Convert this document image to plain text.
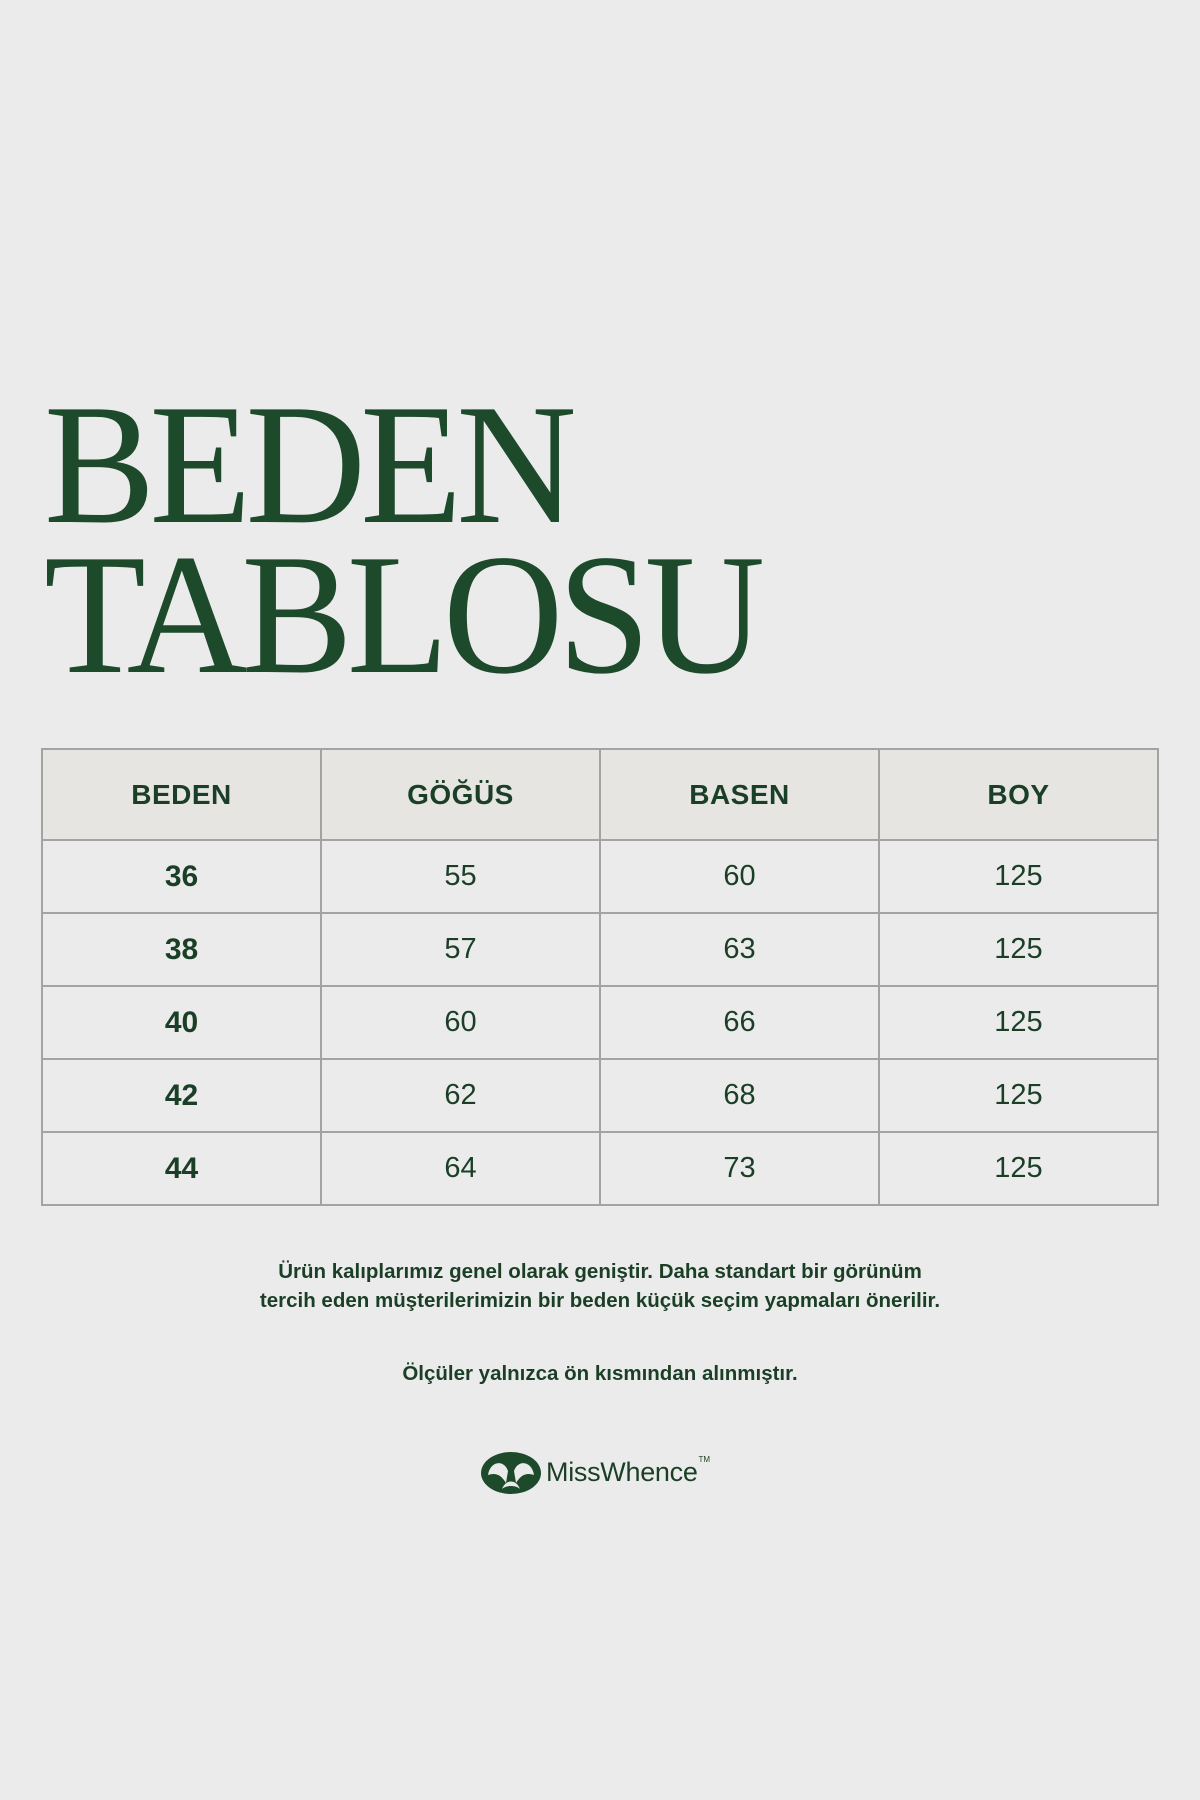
BEDEN
TABLOSU
BEDEN	GÖĞÜS	BASEN	BOY
36	55	60	125
38	57	63	125
40	60	66	125
42	62	68	125
44	64	73	125

Ürün kalıplarımız genel olarak geniştir. Daha standart bir görünüm
tercih eden müşterilerimizin bir beden küçük seçim yapmaları önerilir.

Ölçüler yalnızca ön kısmından alınmıştır.

MissWhence TM
